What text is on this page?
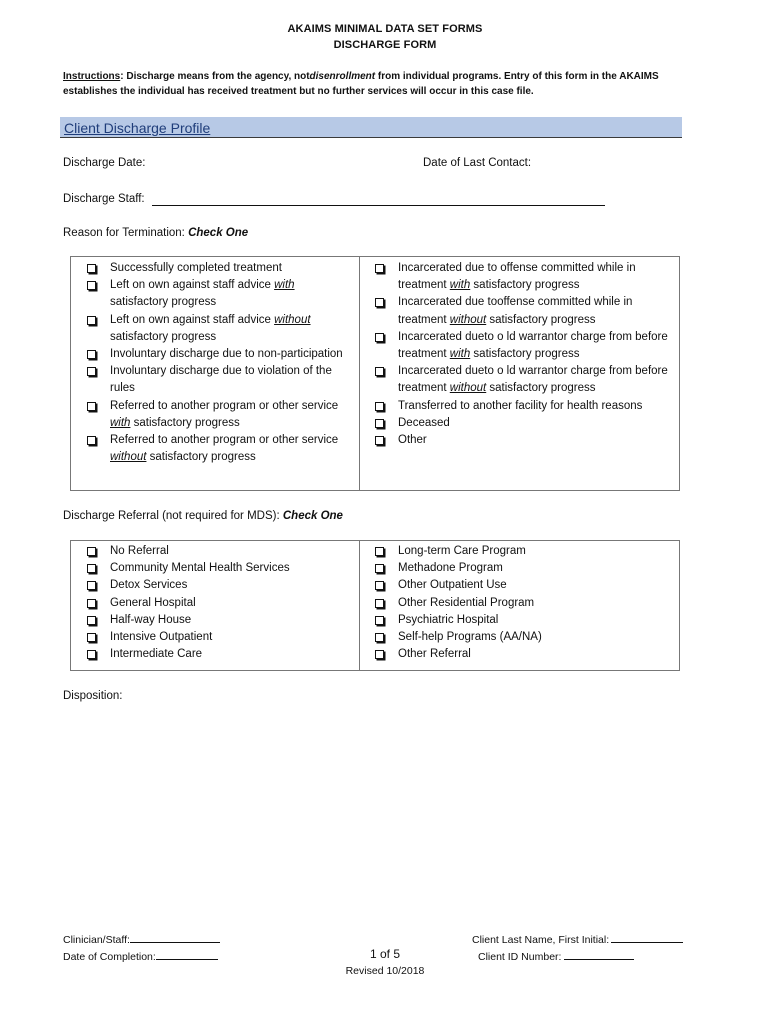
AKAIMS MINIMAL DATA SET FORMS
DISCHARGE FORM
Instructions: Discharge means from the agency, notdisenrollment from individual programs. Entry of this form in the AKAIMS establishes the individual has received treatment but no further services will occur in this case file.
Client Discharge Profile
Discharge Date:	Date of Last Contact:
Discharge Staff:
Reason for Termination: Check One
Successfully completed treatment
Left on own against staff advice with satisfactory progress
Left on own against staff advice without satisfactory progress
Involuntary discharge due to non-participation
Involuntary discharge due to violation of the rules
Referred to another program or other service with satisfactory progress
Referred to another program or other service without satisfactory progress
Incarcerated due to offense committed while in treatment with satisfactory progress
Incarcerated due tooffense committed while in treatment without satisfactory progress
Incarcerated dueto o ld warrantor charge from before treatment with satisfactory progress
Incarcerated dueto o ld warrantor charge from before treatment without satisfactory progress
Transferred to another facility for health reasons
Deceased
Other
Discharge Referral (not required for MDS): Check One
No Referral
Community Mental Health Services
Detox Services
General Hospital
Half-way House
Intensive Outpatient
Intermediate Care
Long-term Care Program
Methadone Program
Other Outpatient Use
Other Residential Program
Psychiatric Hospital
Self-help Programs (AA/NA)
Other Referral
Disposition:
Clinician/Staff:
Date of Completion:	1 of 5
Revised 10/2018
Client Last Name, First Initial:
Client ID Number:
